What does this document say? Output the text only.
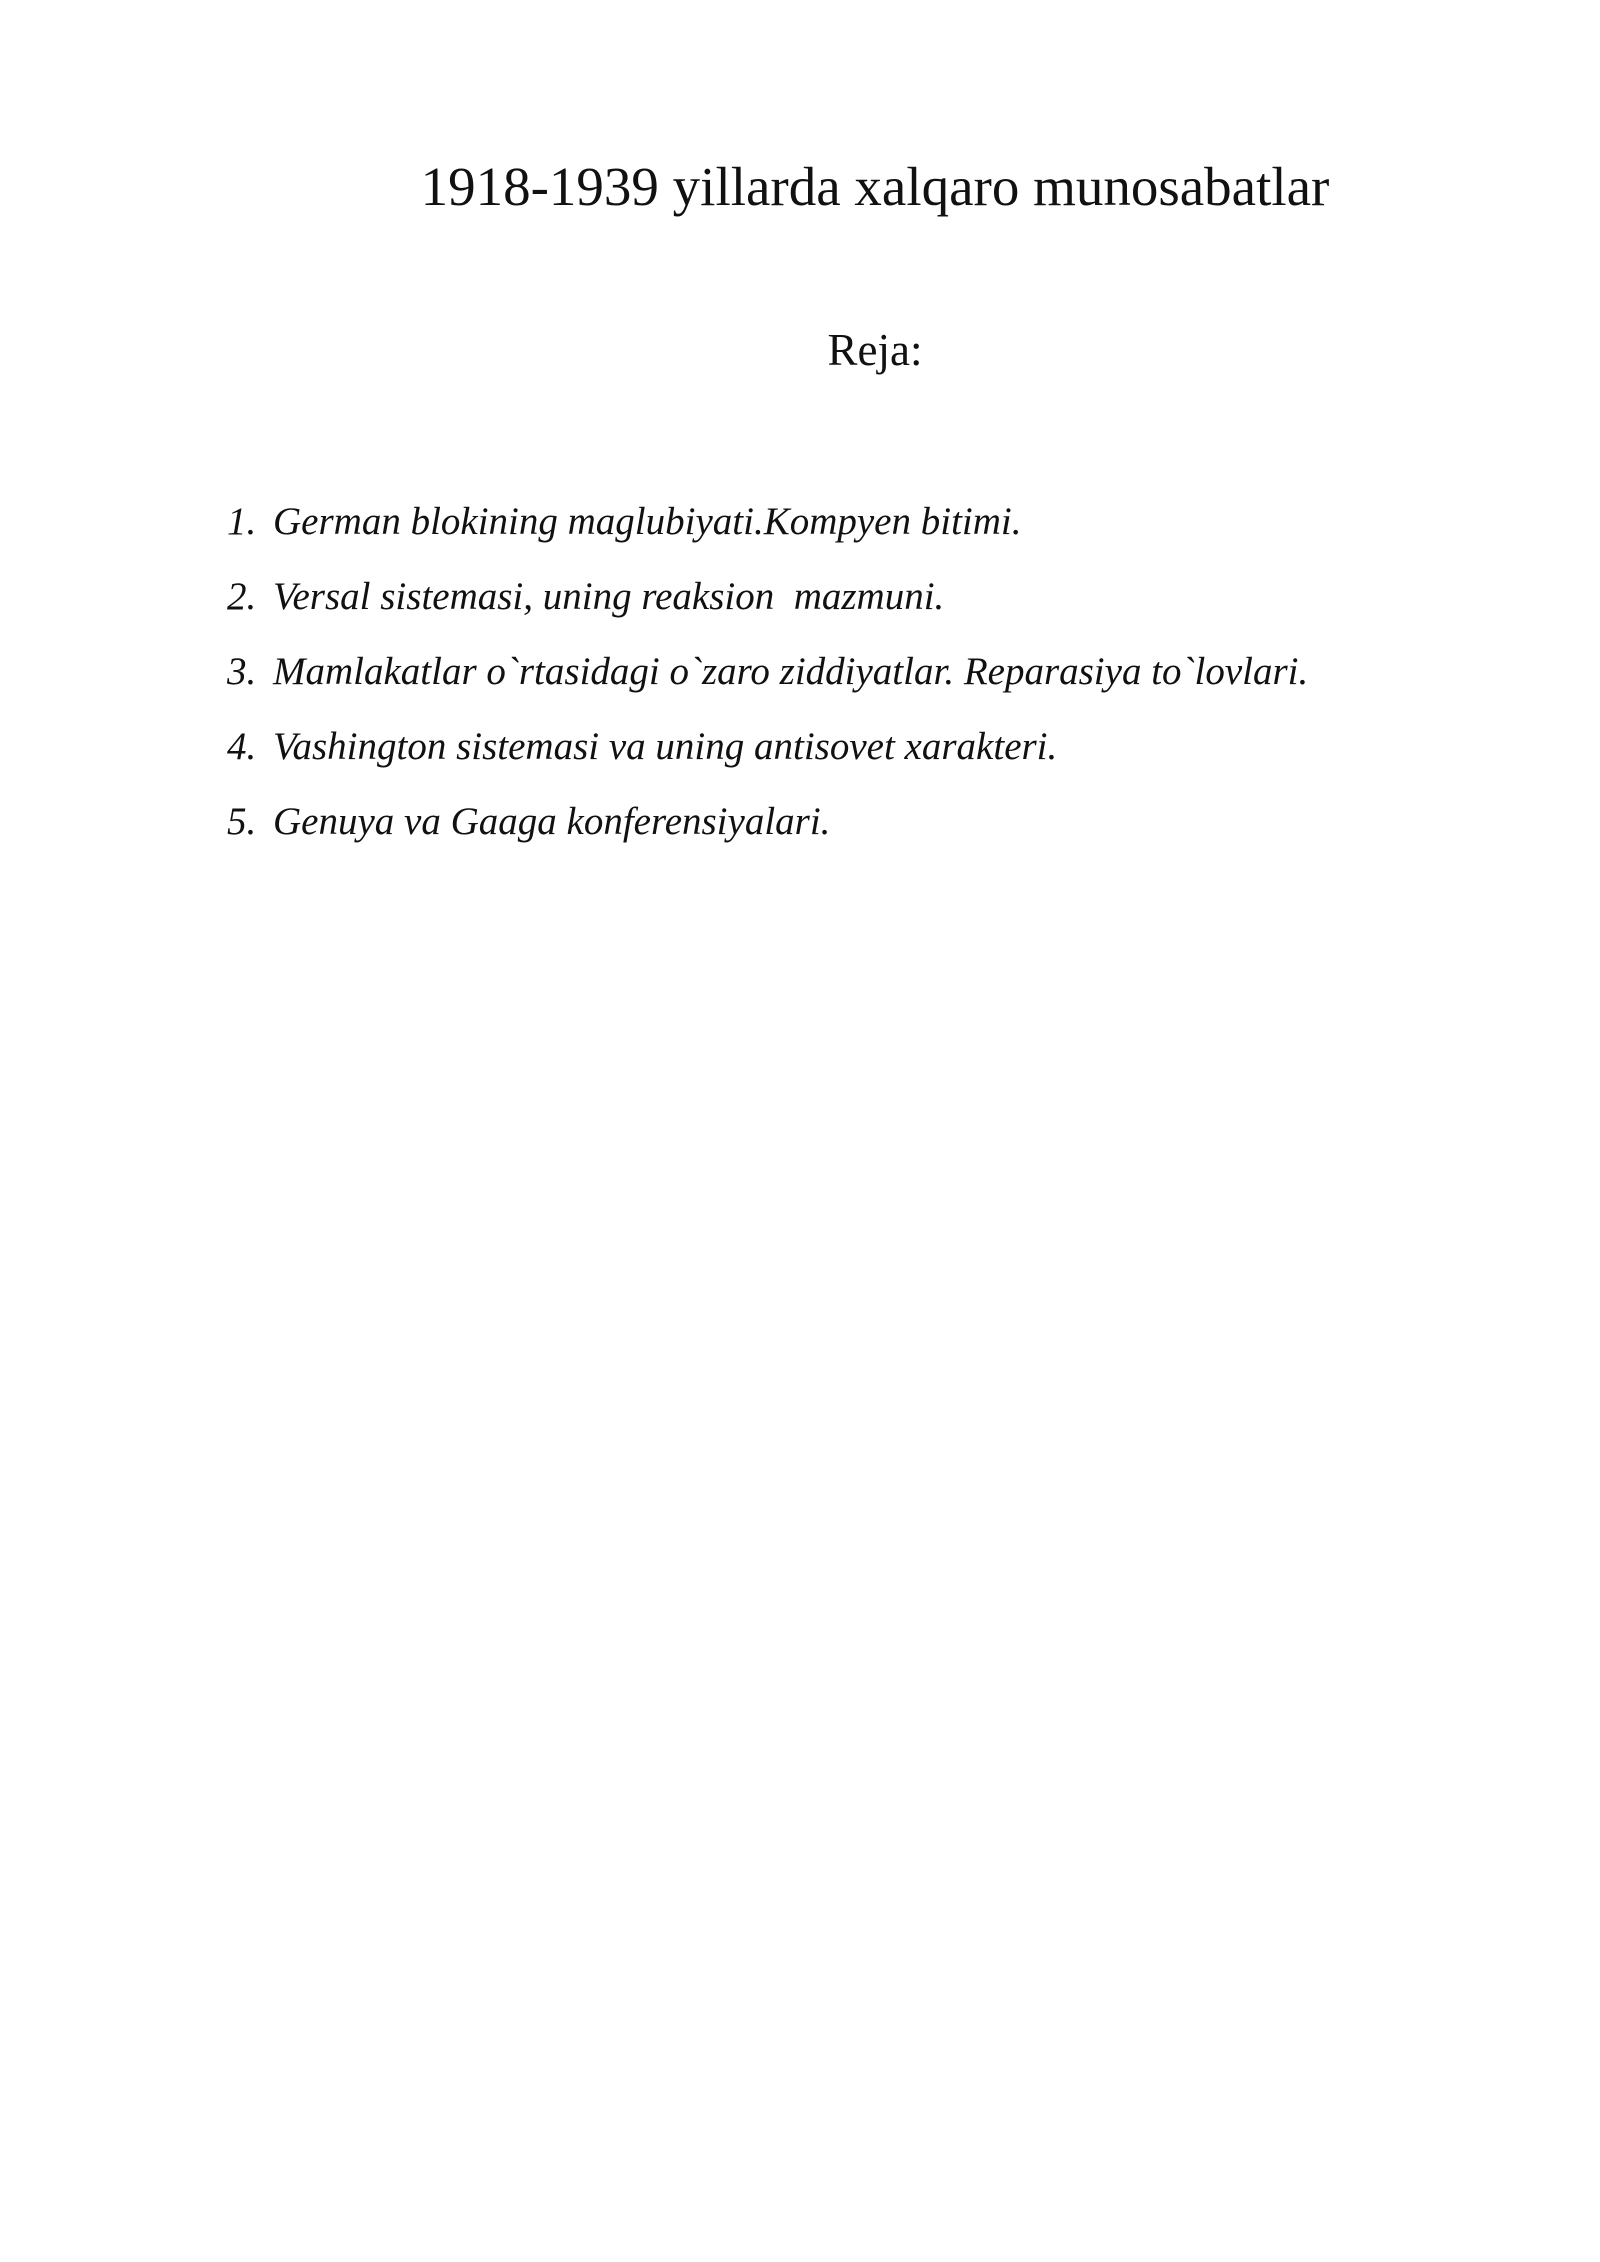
1918-1939 yillarda xalqaro munosabatlar
Reja:
1. German blokining maglubiyati.Kompyen bitimi.
2. Versal sistemasi, uning reaksion  mazmuni.
3. Mamlakatlar o`rtasidagi o`zaro ziddiyatlar. Reparasiya to`lovlari.
4. Vashington sistemasi va uning antisovet xarakteri.
5. Genuya va Gaaga konferensiyalari.
